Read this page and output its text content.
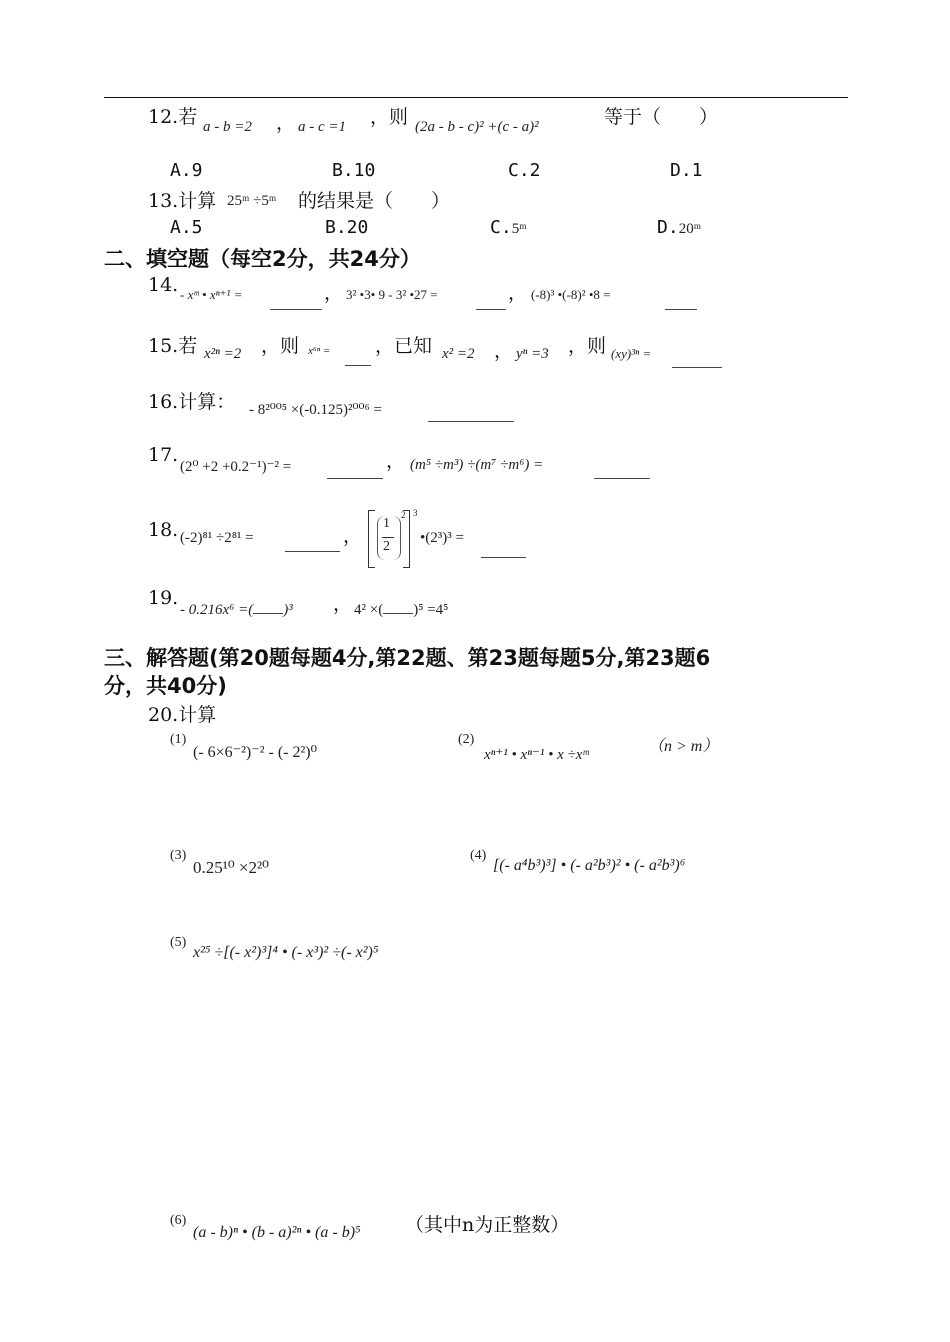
12.若 a - b =2 ， a - c =1 ，则 (2a - b - c)² +(c - a)²	等于（　　）
A.9	B.10	C.2	D.1
13.计算 25ᵐ ÷5ᵐ 的结果是（　　）
A.5	B.20	C.5ᵐ	D.20ᵐ
二、填空题（每空2分，共24分）
14. - xᵐ • xⁿ⁺¹ =	， 3² •3• 9 - 3² •27 =	， (-8)³ •(-8)² •8 =
15.若 x²ⁿ =2 ，则 x⁶ⁿ = ，已知 x² =2 ， yⁿ =3 ，则 (xy)³ⁿ =
16.计算： - 8²⁰⁰⁵ ×(-0.125)²⁰⁰⁶ =
17.
(2⁰ +2 +0.2⁻¹)⁻² =	， (m⁵ ÷m³) ÷(m⁷ ÷m⁶) =
18. (-2)⁸¹ ÷2⁸¹ =	，
1
2
2 3
•(2³)³ =
19.
- 0.216x⁶ =( )³ ， 4² ×( )⁵ =4⁵
三、解答题(第20题每题4分,第22题、第23题每题5分,第23题6
分，共40分)
20.计算
(1)
(- 6×6⁻²)⁻² - (- 2²)⁰
(2)
xⁿ⁺¹ • xⁿ⁻¹ • x ÷xᵐ	（n > m）
(3)
0.25¹⁰ ×2²⁰
(4)
[(- a⁴b³)³] • (- a²b³)² • (- a²b³)⁶
(5)
x²⁵ ÷[(- x²)³]⁴ • (- x³)² ÷(- x²)⁵
(6)
(a - b)ⁿ • (b - a)²ⁿ • (a - b)⁵ （其中n为正整数）
